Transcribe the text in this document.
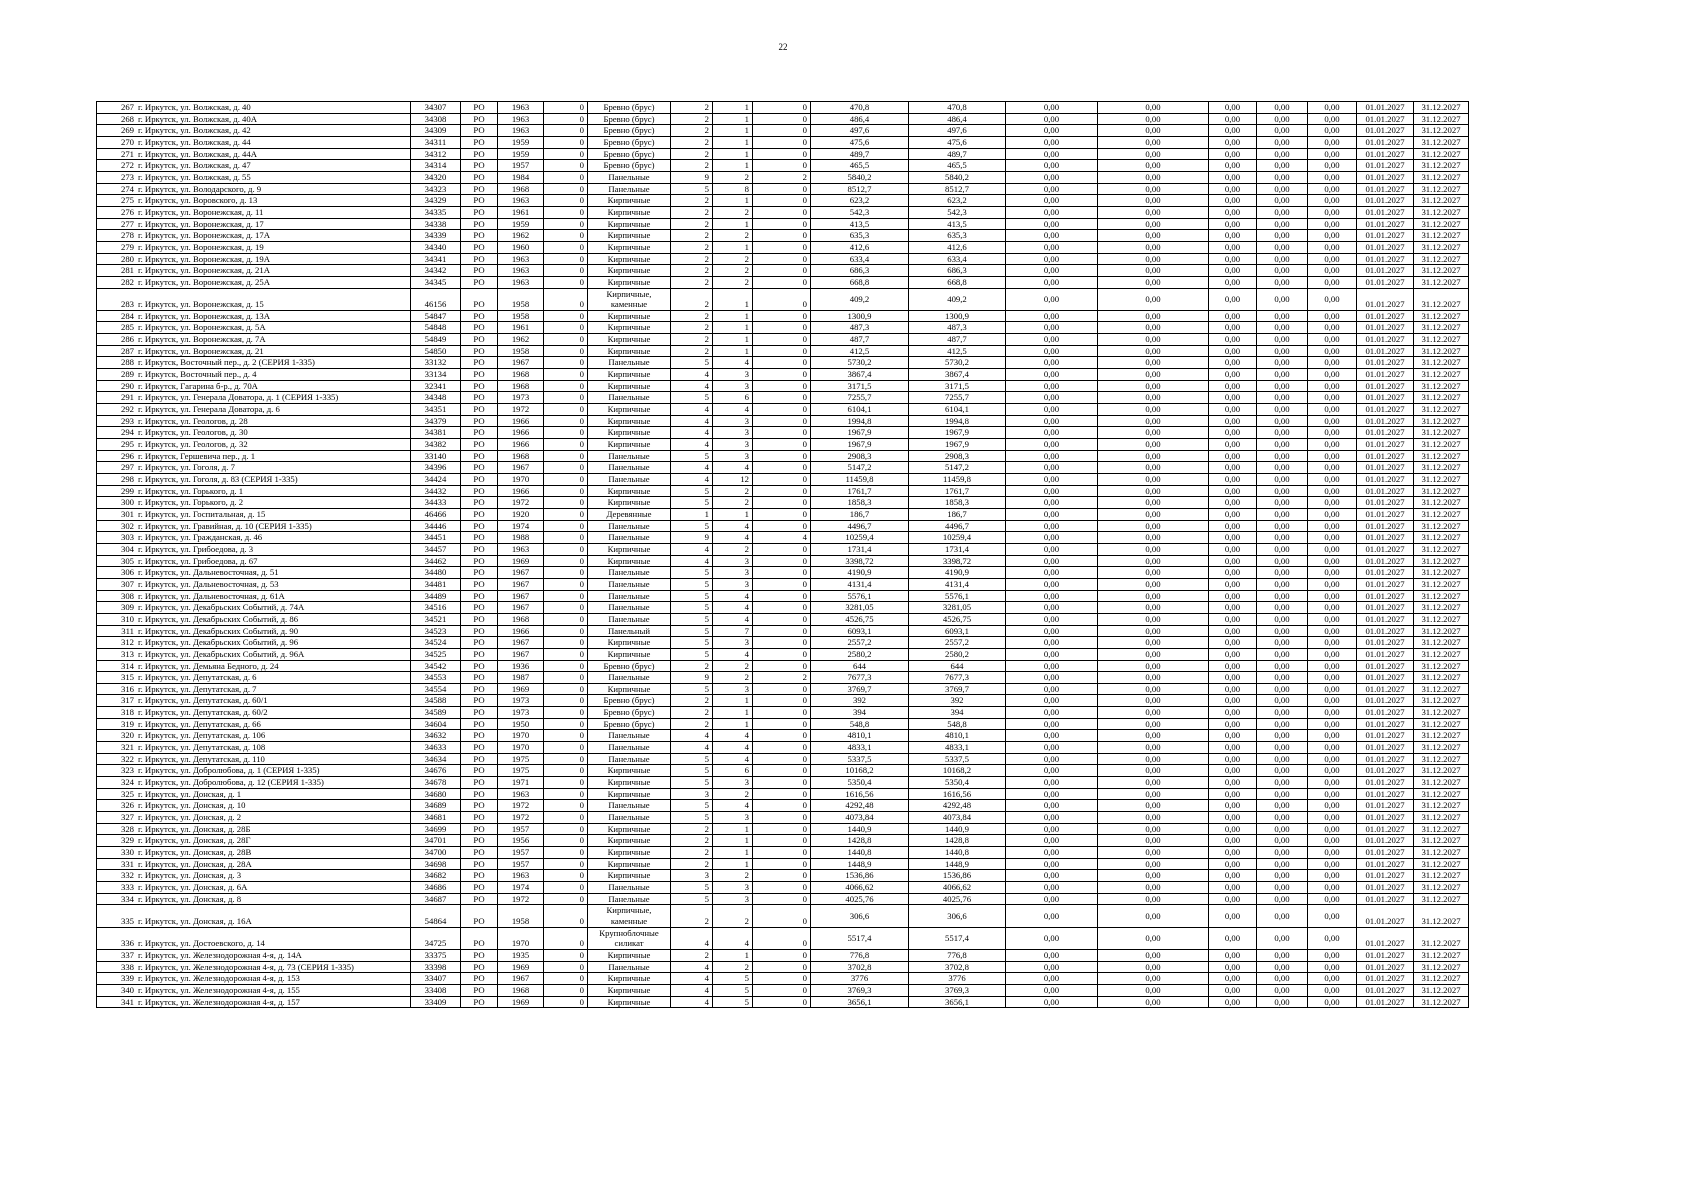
22
267 г. Иркутск, ул. Волжская, д. 40	34307	РО	1963	0	Бревно (брус)	2	1	0	470,8	470,8	0,00	0,00	0,00	0,00	0,00	01.01.2027	31.12.2027
268 г. Иркутск, ул. Волжская, д. 40А	34308	РО	1963	0	Бревно (брус)	2	1	0	486,4	486,4	0,00	0,00	0,00	0,00	0,00	01.01.2027	31.12.2027
269 г. Иркутск, ул. Волжская, д. 42	34309	РО	1963	0	Бревно (брус)	2	1	0	497,6	497,6	0,00	0,00	0,00	0,00	0,00	01.01.2027	31.12.2027
270 г. Иркутск, ул. Волжская, д. 44	34311	РО	1959	0	Бревно (брус)	2	1	0	475,6	475,6	0,00	0,00	0,00	0,00	0,00	01.01.2027	31.12.2027
271 г. Иркутск, ул. Волжская, д. 44А	34312	РО	1959	0	Бревно (брус)	2	1	0	489,7	489,7	0,00	0,00	0,00	0,00	0,00	01.01.2027	31.12.2027
272 г. Иркутск, ул. Волжская, д. 47	34314	РО	1957	0	Бревно (брус)	2	1	0	465,5	465,5	0,00	0,00	0,00	0,00	0,00	01.01.2027	31.12.2027
273 г. Иркутск, ул. Волжская, д. 55	34320	РО	1984	0	Панельные	9	2	2	5840,2	5840,2	0,00	0,00	0,00	0,00	0,00	01.01.2027	31.12.2027
274 г. Иркутск, ул. Володарского, д. 9	34323	РО	1968	0	Панельные	5	8	0	8512,7	8512,7	0,00	0,00	0,00	0,00	0,00	01.01.2027	31.12.2027
275 г. Иркутск, ул. Воровского, д. 13	34329	РО	1963	0	Кирпичные	2	1	0	623,2	623,2	0,00	0,00	0,00	0,00	0,00	01.01.2027	31.12.2027
276 г. Иркутск, ул. Воронежская, д. 11	34335	РО	1961	0	Кирпичные	2	2	0	542,3	542,3	0,00	0,00	0,00	0,00	0,00	01.01.2027	31.12.2027
277 г. Иркутск, ул. Воронежская, д. 17	34338	РО	1959	0	Кирпичные	2	1	0	413,5	413,5	0,00	0,00	0,00	0,00	0,00	01.01.2027	31.12.2027
278 г. Иркутск, ул. Воронежская, д. 17А	34339	РО	1962	0	Кирпичные	2	2	0	635,3	635,3	0,00	0,00	0,00	0,00	0,00	01.01.2027	31.12.2027
279 г. Иркутск, ул. Воронежская, д. 19	34340	РО	1960	0	Кирпичные	2	1	0	412,6	412,6	0,00	0,00	0,00	0,00	0,00	01.01.2027	31.12.2027
280 г. Иркутск, ул. Воронежская, д. 19А	34341	РО	1963	0	Кирпичные	2	2	0	633,4	633,4	0,00	0,00	0,00	0,00	0,00	01.01.2027	31.12.2027
281 г. Иркутск, ул. Воронежская, д. 21А	34342	РО	1963	0	Кирпичные	2	2	0	686,3	686,3	0,00	0,00	0,00	0,00	0,00	01.01.2027	31.12.2027
282 г. Иркутск, ул. Воронежская, д. 25А	34345	РО	1963	0	Кирпичные	2	2	0	668,8	668,8	0,00	0,00	0,00	0,00	0,00	01.01.2027	31.12.2027
283 г. Иркутск, ул. Воронежская, д. 15	46156	РО	1958	0	Кирпичные,
каменные	2	1	0	409,2	409,2	0,00	0,00	0,00	0,00	0,00	01.01.2027	31.12.2027
284 г. Иркутск, ул. Воронежская, д. 13А	54847	РО	1958	0	Кирпичные	2	1	0	1300,9	1300,9	0,00	0,00	0,00	0,00	0,00	01.01.2027	31.12.2027
285 г. Иркутск, ул. Воронежская, д. 5А	54848	РО	1961	0	Кирпичные	2	1	0	487,3	487,3	0,00	0,00	0,00	0,00	0,00	01.01.2027	31.12.2027
286 г. Иркутск, ул. Воронежская, д. 7А	54849	РО	1962	0	Кирпичные	2	1	0	487,7	487,7	0,00	0,00	0,00	0,00	0,00	01.01.2027	31.12.2027
287 г. Иркутск, ул. Воронежская, д. 21	54850	РО	1958	0	Кирпичные	2	1	0	412,5	412,5	0,00	0,00	0,00	0,00	0,00	01.01.2027	31.12.2027
288 г. Иркутск, Восточный пер., д. 2 (СЕРИЯ 1-335)	33132	РО	1967	0	Панельные	5	4	0	5730,2	5730,2	0,00	0,00	0,00	0,00	0,00	01.01.2027	31.12.2027
289 г. Иркутск, Восточный пер., д. 4	33134	РО	1968	0	Кирпичные	4	3	0	3867,4	3867,4	0,00	0,00	0,00	0,00	0,00	01.01.2027	31.12.2027
290 г. Иркутск, Гагарина б-р., д. 70А	32341	РО	1968	0	Кирпичные	4	3	0	3171,5	3171,5	0,00	0,00	0,00	0,00	0,00	01.01.2027	31.12.2027
291 г. Иркутск, ул. Генерала Доватора, д. 1 (СЕРИЯ 1-335)	34348	РО	1973	0	Панельные	5	6	0	7255,7	7255,7	0,00	0,00	0,00	0,00	0,00	01.01.2027	31.12.2027
292 г. Иркутск, ул. Генерала Доватора, д. 6	34351	РО	1972	0	Кирпичные	4	4	0	6104,1	6104,1	0,00	0,00	0,00	0,00	0,00	01.01.2027	31.12.2027
293 г. Иркутск, ул. Геологов, д. 28	34379	РО	1966	0	Кирпичные	4	3	0	1994,8	1994,8	0,00	0,00	0,00	0,00	0,00	01.01.2027	31.12.2027
294 г. Иркутск, ул. Геологов, д. 30	34381	РО	1966	0	Кирпичные	4	3	0	1967,9	1967,9	0,00	0,00	0,00	0,00	0,00	01.01.2027	31.12.2027
295 г. Иркутск, ул. Геологов, д. 32	34382	РО	1966	0	Кирпичные	4	3	0	1967,9	1967,9	0,00	0,00	0,00	0,00	0,00	01.01.2027	31.12.2027
296 г. Иркутск, Гершевича пер., д. 1	33140	РО	1968	0	Панельные	5	3	0	2908,3	2908,3	0,00	0,00	0,00	0,00	0,00	01.01.2027	31.12.2027
297 г. Иркутск, ул. Гоголя, д. 7	34396	РО	1967	0	Панельные	4	4	0	5147,2	5147,2	0,00	0,00	0,00	0,00	0,00	01.01.2027	31.12.2027
298 г. Иркутск, ул. Гоголя, д. 83 (СЕРИЯ 1-335)	34424	РО	1970	0	Панельные	4	12	0	11459,8	11459,8	0,00	0,00	0,00	0,00	0,00	01.01.2027	31.12.2027
299 г. Иркутск, ул. Горького, д. 1	34432	РО	1966	0	Кирпичные	5	2	0	1761,7	1761,7	0,00	0,00	0,00	0,00	0,00	01.01.2027	31.12.2027
300 г. Иркутск, ул. Горького, д. 2	34433	РО	1972	0	Кирпичные	5	2	0	1858,3	1858,3	0,00	0,00	0,00	0,00	0,00	01.01.2027	31.12.2027
301 г. Иркутск, ул. Госпитальная, д. 15	46466	РО	1920	0	Деревянные	1	1	0	186,7	186,7	0,00	0,00	0,00	0,00	0,00	01.01.2027	31.12.2027
302 г. Иркутск, ул. Гравийная, д. 10 (СЕРИЯ 1-335)	34446	РО	1974	0	Панельные	5	4	0	4496,7	4496,7	0,00	0,00	0,00	0,00	0,00	01.01.2027	31.12.2027
303 г. Иркутск, ул. Гражданская, д. 46	34451	РО	1988	0	Панельные	9	4	4	10259,4	10259,4	0,00	0,00	0,00	0,00	0,00	01.01.2027	31.12.2027
304 г. Иркутск, ул. Грибоедова, д. 3	34457	РО	1963	0	Кирпичные	4	2	0	1731,4	1731,4	0,00	0,00	0,00	0,00	0,00	01.01.2027	31.12.2027
305 г. Иркутск, ул. Грибоедова, д. 67	34462	РО	1969	0	Кирпичные	4	3	0	3398,72	3398,72	0,00	0,00	0,00	0,00	0,00	01.01.2027	31.12.2027
306 г. Иркутск, ул. Дальневосточная, д. 51	34480	РО	1967	0	Панельные	5	3	0	4190,9	4190,9	0,00	0,00	0,00	0,00	0,00	01.01.2027	31.12.2027
307 г. Иркутск, ул. Дальневосточная, д. 53	34481	РО	1967	0	Панельные	5	3	0	4131,4	4131,4	0,00	0,00	0,00	0,00	0,00	01.01.2027	31.12.2027
308 г. Иркутск, ул. Дальневосточная, д. 61А	34489	РО	1967	0	Панельные	5	4	0	5576,1	5576,1	0,00	0,00	0,00	0,00	0,00	01.01.2027	31.12.2027
309 г. Иркутск, ул. Декабрьских Событий, д. 74А	34516	РО	1967	0	Панельные	5	4	0	3281,05	3281,05	0,00	0,00	0,00	0,00	0,00	01.01.2027	31.12.2027
310 г. Иркутск, ул. Декабрьских Событий, д. 86	34521	РО	1968	0	Панельные	5	4	0	4526,75	4526,75	0,00	0,00	0,00	0,00	0,00	01.01.2027	31.12.2027
311 г. Иркутск, ул. Декабрьских Событий, д. 90	34523	РО	1966	0	Панельный	5	7	0	6093,1	6093,1	0,00	0,00	0,00	0,00	0,00	01.01.2027	31.12.2027
312 г. Иркутск, ул. Декабрьских Событий, д. 96	34524	РО	1967	0	Кирпичные	5	3	0	2557,2	2557,2	0,00	0,00	0,00	0,00	0,00	01.01.2027	31.12.2027
313 г. Иркутск, ул. Декабрьских Событий, д. 96А	34525	РО	1967	0	Кирпичные	5	4	0	2580,2	2580,2	0,00	0,00	0,00	0,00	0,00	01.01.2027	31.12.2027
314 г. Иркутск, ул. Демьяна Бедного, д. 24	34542	РО	1936	0	Бревно (брус)	2	2	0	644	644	0,00	0,00	0,00	0,00	0,00	01.01.2027	31.12.2027
315 г. Иркутск, ул. Депутатская, д. 6	34553	РО	1987	0	Панельные	9	2	2	7677,3	7677,3	0,00	0,00	0,00	0,00	0,00	01.01.2027	31.12.2027
316 г. Иркутск, ул. Депутатская, д. 7	34554	РО	1969	0	Кирпичные	5	3	0	3769,7	3769,7	0,00	0,00	0,00	0,00	0,00	01.01.2027	31.12.2027
317 г. Иркутск, ул. Депутатская, д. 60/1	34588	РО	1973	0	Бревно (брус)	2	1	0	392	392	0,00	0,00	0,00	0,00	0,00	01.01.2027	31.12.2027
318 г. Иркутск, ул. Депутатская, д. 60/2	34589	РО	1973	0	Бревно (брус)	2	1	0	394	394	0,00	0,00	0,00	0,00	0,00	01.01.2027	31.12.2027
319 г. Иркутск, ул. Депутатская, д. 66	34604	РО	1950	0	Бревно (брус)	2	1	0	548,8	548,8	0,00	0,00	0,00	0,00	0,00	01.01.2027	31.12.2027
320 г. Иркутск, ул. Депутатская, д. 106	34632	РО	1970	0	Панельные	4	4	0	4810,1	4810,1	0,00	0,00	0,00	0,00	0,00	01.01.2027	31.12.2027
321 г. Иркутск, ул. Депутатская, д. 108	34633	РО	1970	0	Панельные	4	4	0	4833,1	4833,1	0,00	0,00	0,00	0,00	0,00	01.01.2027	31.12.2027
322 г. Иркутск, ул. Депутатская, д. 110	34634	РО	1975	0	Панельные	5	4	0	5337,5	5337,5	0,00	0,00	0,00	0,00	0,00	01.01.2027	31.12.2027
323 г. Иркутск, ул. Добролюбова, д. 1 (СЕРИЯ 1-335)	34676	РО	1975	0	Кирпичные	5	6	0	10168,2	10168,2	0,00	0,00	0,00	0,00	0,00	01.01.2027	31.12.2027
324 г. Иркутск, ул. Добролюбова, д. 12 (СЕРИЯ 1-335)	34678	РО	1971	0	Кирпичные	5	3	0	5350,4	5350,4	0,00	0,00	0,00	0,00	0,00	01.01.2027	31.12.2027
325 г. Иркутск, ул. Донская, д. 1	34680	РО	1963	0	Кирпичные	3	2	0	1616,56	1616,56	0,00	0,00	0,00	0,00	0,00	01.01.2027	31.12.2027
326 г. Иркутск, ул. Донская, д. 10	34689	РО	1972	0	Панельные	5	4	0	4292,48	4292,48	0,00	0,00	0,00	0,00	0,00	01.01.2027	31.12.2027
327 г. Иркутск, ул. Донская, д. 2	34681	РО	1972	0	Панельные	5	3	0	4073,84	4073,84	0,00	0,00	0,00	0,00	0,00	01.01.2027	31.12.2027
328 г. Иркутск, ул. Донская, д. 28Б	34699	РО	1957	0	Кирпичные	2	1	0	1440,9	1440,9	0,00	0,00	0,00	0,00	0,00	01.01.2027	31.12.2027
329 г. Иркутск, ул. Донская, д. 28Г	34701	РО	1956	0	Кирпичные	2	1	0	1428,8	1428,8	0,00	0,00	0,00	0,00	0,00	01.01.2027	31.12.2027
330 г. Иркутск, ул. Донская, д. 28В	34700	РО	1957	0	Кирпичные	2	1	0	1440,8	1440,8	0,00	0,00	0,00	0,00	0,00	01.01.2027	31.12.2027
331 г. Иркутск, ул. Донская, д. 28А	34698	РО	1957	0	Кирпичные	2	1	0	1448,9	1448,9	0,00	0,00	0,00	0,00	0,00	01.01.2027	31.12.2027
332 г. Иркутск, ул. Донская, д. 3	34682	РО	1963	0	Кирпичные	3	2	0	1536,86	1536,86	0,00	0,00	0,00	0,00	0,00	01.01.2027	31.12.2027
333 г. Иркутск, ул. Донская, д. 6А	34686	РО	1974	0	Панельные	5	3	0	4066,62	4066,62	0,00	0,00	0,00	0,00	0,00	01.01.2027	31.12.2027
334 г. Иркутск, ул. Донская, д. 8	34687	РО	1972	0	Панельные	5	3	0	4025,76	4025,76	0,00	0,00	0,00	0,00	0,00	01.01.2027	31.12.2027
335 г. Иркутск, ул. Донская, д. 16А	54864	РО	1958	0	Кирпичные,
каменные	2	2	0	306,6	306,6	0,00	0,00	0,00	0,00	0,00	01.01.2027	31.12.2027
336 г. Иркутск, ул. Достоевского, д. 14	34725	РО	1970	0	Крупноблочные
силикат	4	4	0	5517,4	5517,4	0,00	0,00	0,00	0,00	0,00	01.01.2027	31.12.2027
337 г. Иркутск, ул. Железнодорожная 4-я, д. 14А	33375	РО	1935	0	Кирпичные	2	1	0	776,8	776,8	0,00	0,00	0,00	0,00	0,00	01.01.2027	31.12.2027
338 г. Иркутск, ул. Железнодорожная 4-я, д. 73 (СЕРИЯ 1-335)	33398	РО	1969	0	Панельные	4	2	0	3702,8	3702,8	0,00	0,00	0,00	0,00	0,00	01.01.2027	31.12.2027
339 г. Иркутск, ул. Железнодорожная 4-я, д. 153	33407	РО	1967	0	Кирпичные	4	5	0	3776	3776	0,00	0,00	0,00	0,00	0,00	01.01.2027	31.12.2027
340 г. Иркутск, ул. Железнодорожная 4-я, д. 155	33408	РО	1968	0	Кирпичные	4	5	0	3769,3	3769,3	0,00	0,00	0,00	0,00	0,00	01.01.2027	31.12.2027
341 г. Иркутск, ул. Железнодорожная 4-я, д. 157	33409	РО	1969	0	Кирпичные	4	5	0	3656,1	3656,1	0,00	0,00	0,00	0,00	0,00	01.01.2027	31.12.2027
